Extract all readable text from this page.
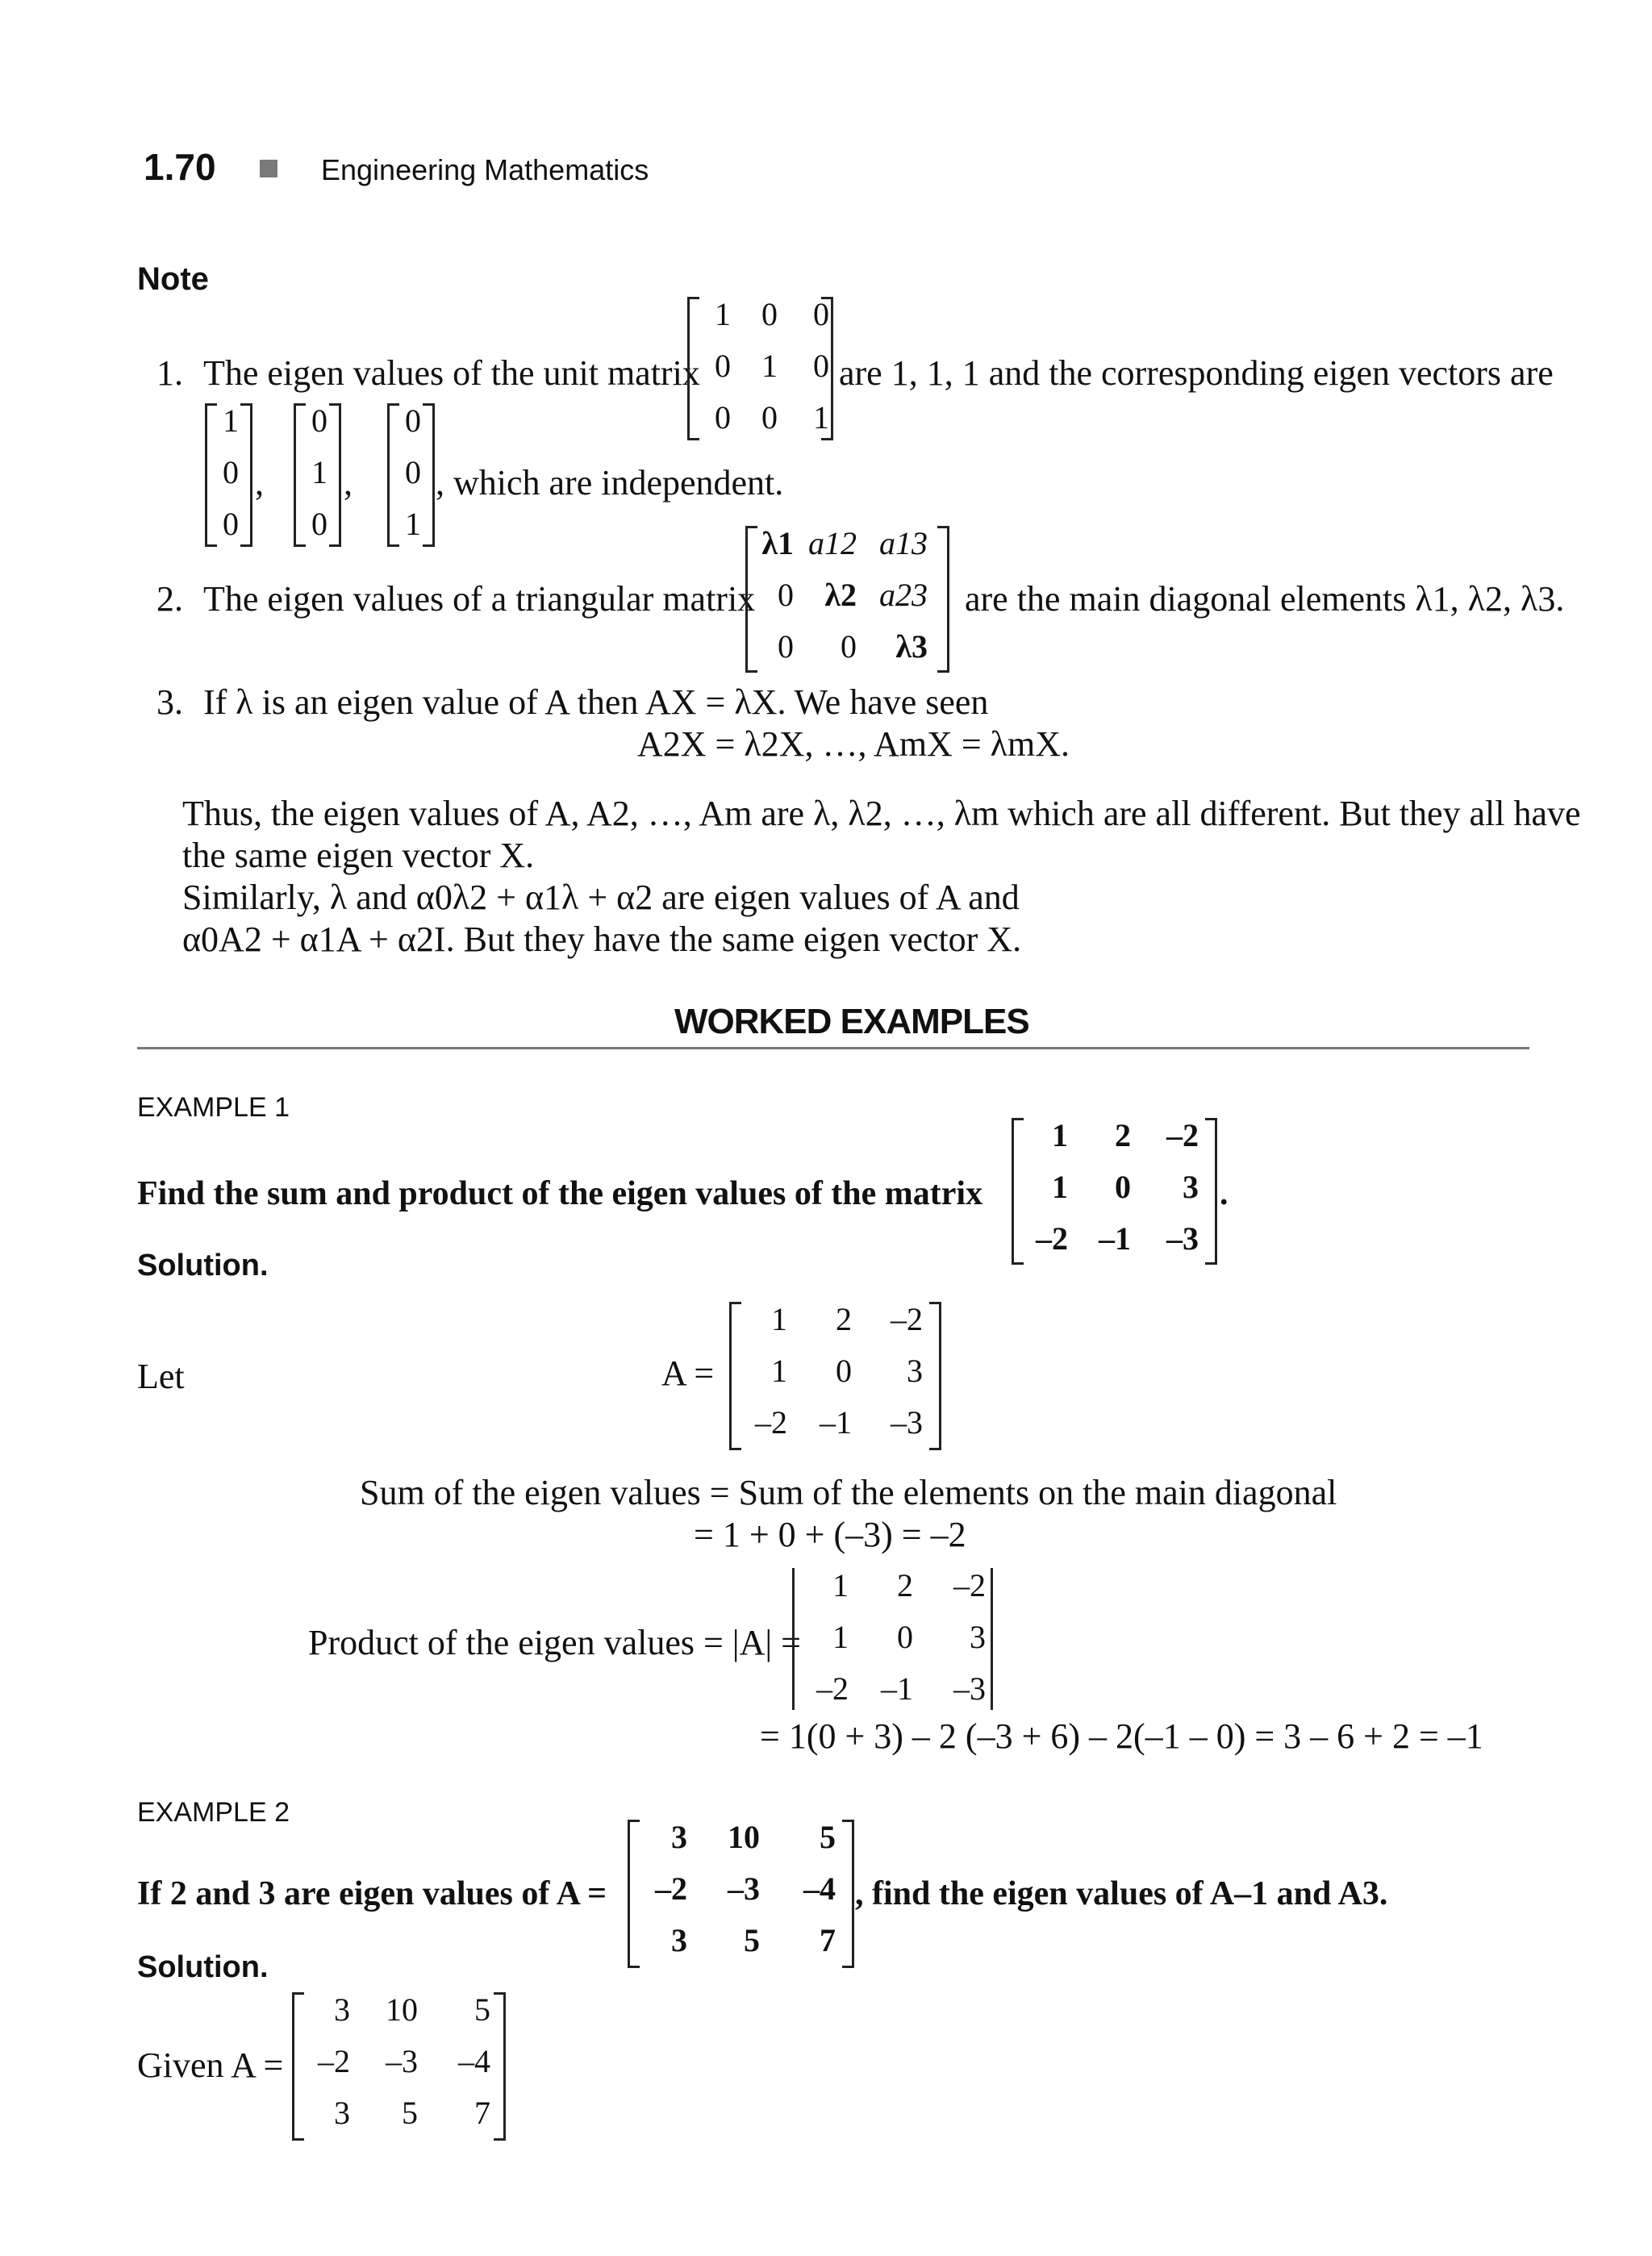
1.70	Engineering Mathematics
Note
1. The eigen values of the unit matrix
1 0	0
0 1	0
0 0	1
are 1, 1, 1 and the corresponding eigen vectors are
1
0
0
,
0
1
0
,
0
0
1
, which are independent.
2. The eigen values of a triangular matrix
λ1 a12 a13
0 λ2 a23
0	0	λ3
are the main diagonal elements λ1, λ2, λ3.
3. If λ is an eigen value of A then AX = λX. We have seen
A2X = λ2X, …, AmX = λmX.
Thus, the eigen values of A, A2, …, Am are λ, λ2, …, λm which are all different. But they all have
the same eigen vector X.
Similarly, λ and α0λ2 + α1λ + α2 are eigen values of A and
α0A2 + α1A + α2I. But they have the same eigen vector X.
WORKED EXAMPLES
EXAMPLE 1
Find the sum and product of the eigen values of the matrix
1	2	–2
1	0	3
–2 –1	–3
.
Solution.
Let	A =
1	2	–2
1	0	3
–2	–1	–3
Sum of the eigen values = Sum of the elements on the main diagonal
= 1 + 0 + (–3) = –2
Product of the eigen values = |A| =
1	2	–2
1	0	3
–2	–1	–3
= 1(0 + 3) – 2 (–3 + 6) – 2(–1 – 0) = 3 – 6 + 2 = –1
EXAMPLE 2
If 2 and 3 are eigen values of A =
3	10	5
–2	–3	–4
3	5	7
, find the eigen values of A–1 and A3.
Solution.
Given A =
3	10	5
–2	–3	–4
3	5	7
